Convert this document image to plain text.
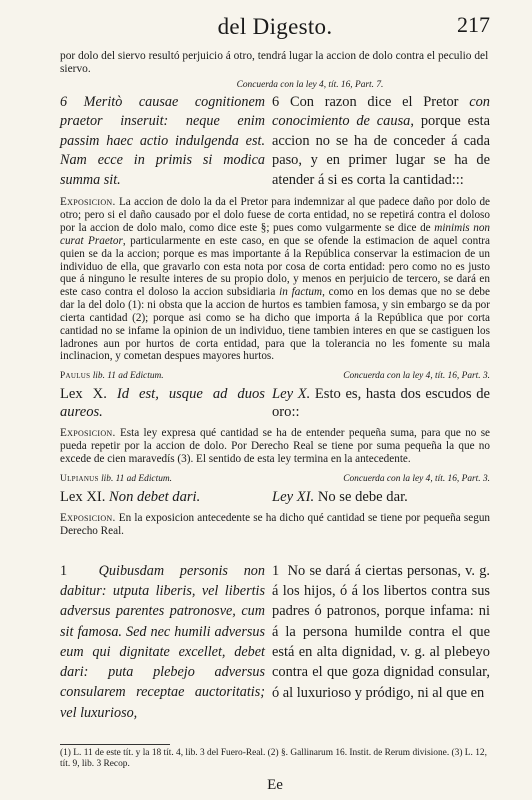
del Digesto.	217
por dolo del siervo resultó perjuicio á otro, tendrá lugar la accion de dolo contra el peculio del siervo.
Concuerda con la ley 4, tít. 16, Part. 7.

6 Meritò causae cognitionem praetor inseruit: neque enim passim haec actio indulgenda est. Nam ecce in primis si modica summa sit.

6 Con razon dice el Pretor con conocimiento de causa, porque esta accion no se ha de conceder á cada paso, y en primer lugar se ha de atender á si es corta la cantidad:::

Exposicion. La accion de dolo la da el Pretor para indemnizar al que padece daño por dolo de otro; pero si el daño causado por el dolo fuese de corta entidad, no se repetirá contra el doloso por la accion de dolo malo, como dice este §; pues como vulgarmente se dice de minimis non curat Praetor, particularmente en este caso, en que se ofende la estimacion de aquel contra quien se da la accion; porque es mas importante á la República conservar la estimacion de un individuo de ella, que gravarlo con esta nota por cosa de corta entidad: pero como no es justo que á ninguno le resulte interes de su propio dolo, y menos en perjuicio de tercero, se dará en este caso contra el doloso la accion subsidiaria in factum, como en los demas que no se debe dar la del dolo (1): ni obsta que la accion de hurtos es tambien famosa, y sin embargo se da por cierta cantidad (2); porque asi como se ha dicho que importa á la República que por corta cantidad no se infame la opinion de un individuo, tiene tambien interes en que se castiguen los ladrones aun por hurtos de corta entidad, para que la tolerancia no les fomente su mala inclinacion, y cometan despues mayores hurtos.
Paulus lib. 11 ad Edictum.	Concuerda con la ley 4, tít. 16, Part. 3.
Lex X. Id est, usque ad duos aureos.
Ley X. Esto es, hasta dos escudos de oro::
Exposicion. Esta ley expresa qué cantidad se ha de entender pequeña suma, para que no se pueda repetir por la accion de dolo. Por Derecho Real se tiene por suma pequeña la que no excede de cien maravedís (3). El sentido de esta ley termina en la antecedente.
Ulpianus lib. 11 ad Edictum.	Concuerda con la ley 4, tít. 16, Part. 3.
Lex XI. Non debet dari.	Ley XI. No se debe dar.
Exposicion. En la exposicion antecedente se ha dicho qué cantidad se tiene por pequeña segun Derecho Real.

1 Quibusdam personis non dabitur: utputa liberis, vel libertis adversus parentes patronosve, cum sit famosa. Sed nec humili adversus eum qui dignitate excellet, debet dari: puta plebejo adversus consularem receptae auctoritatis; vel luxurioso,

1 No se dará á ciertas personas, v. g. á los hijos, ó á los libertos contra sus padres ó patronos, porque infama: ni á la persona humilde contra el que está en alta dignidad, v. g. al plebeyo contra el que goza dignidad consular, ó al luxurioso y pródigo, ni al que en

(1) L. 11 de este tít. y la 18 tít. 4, lib. 3 del Fuero-Real. (2) §. Gallinarum 16. Instit. de Rerum divisione. (3) L. 12, tít. 9, lib. 3 Recop.
Ee
